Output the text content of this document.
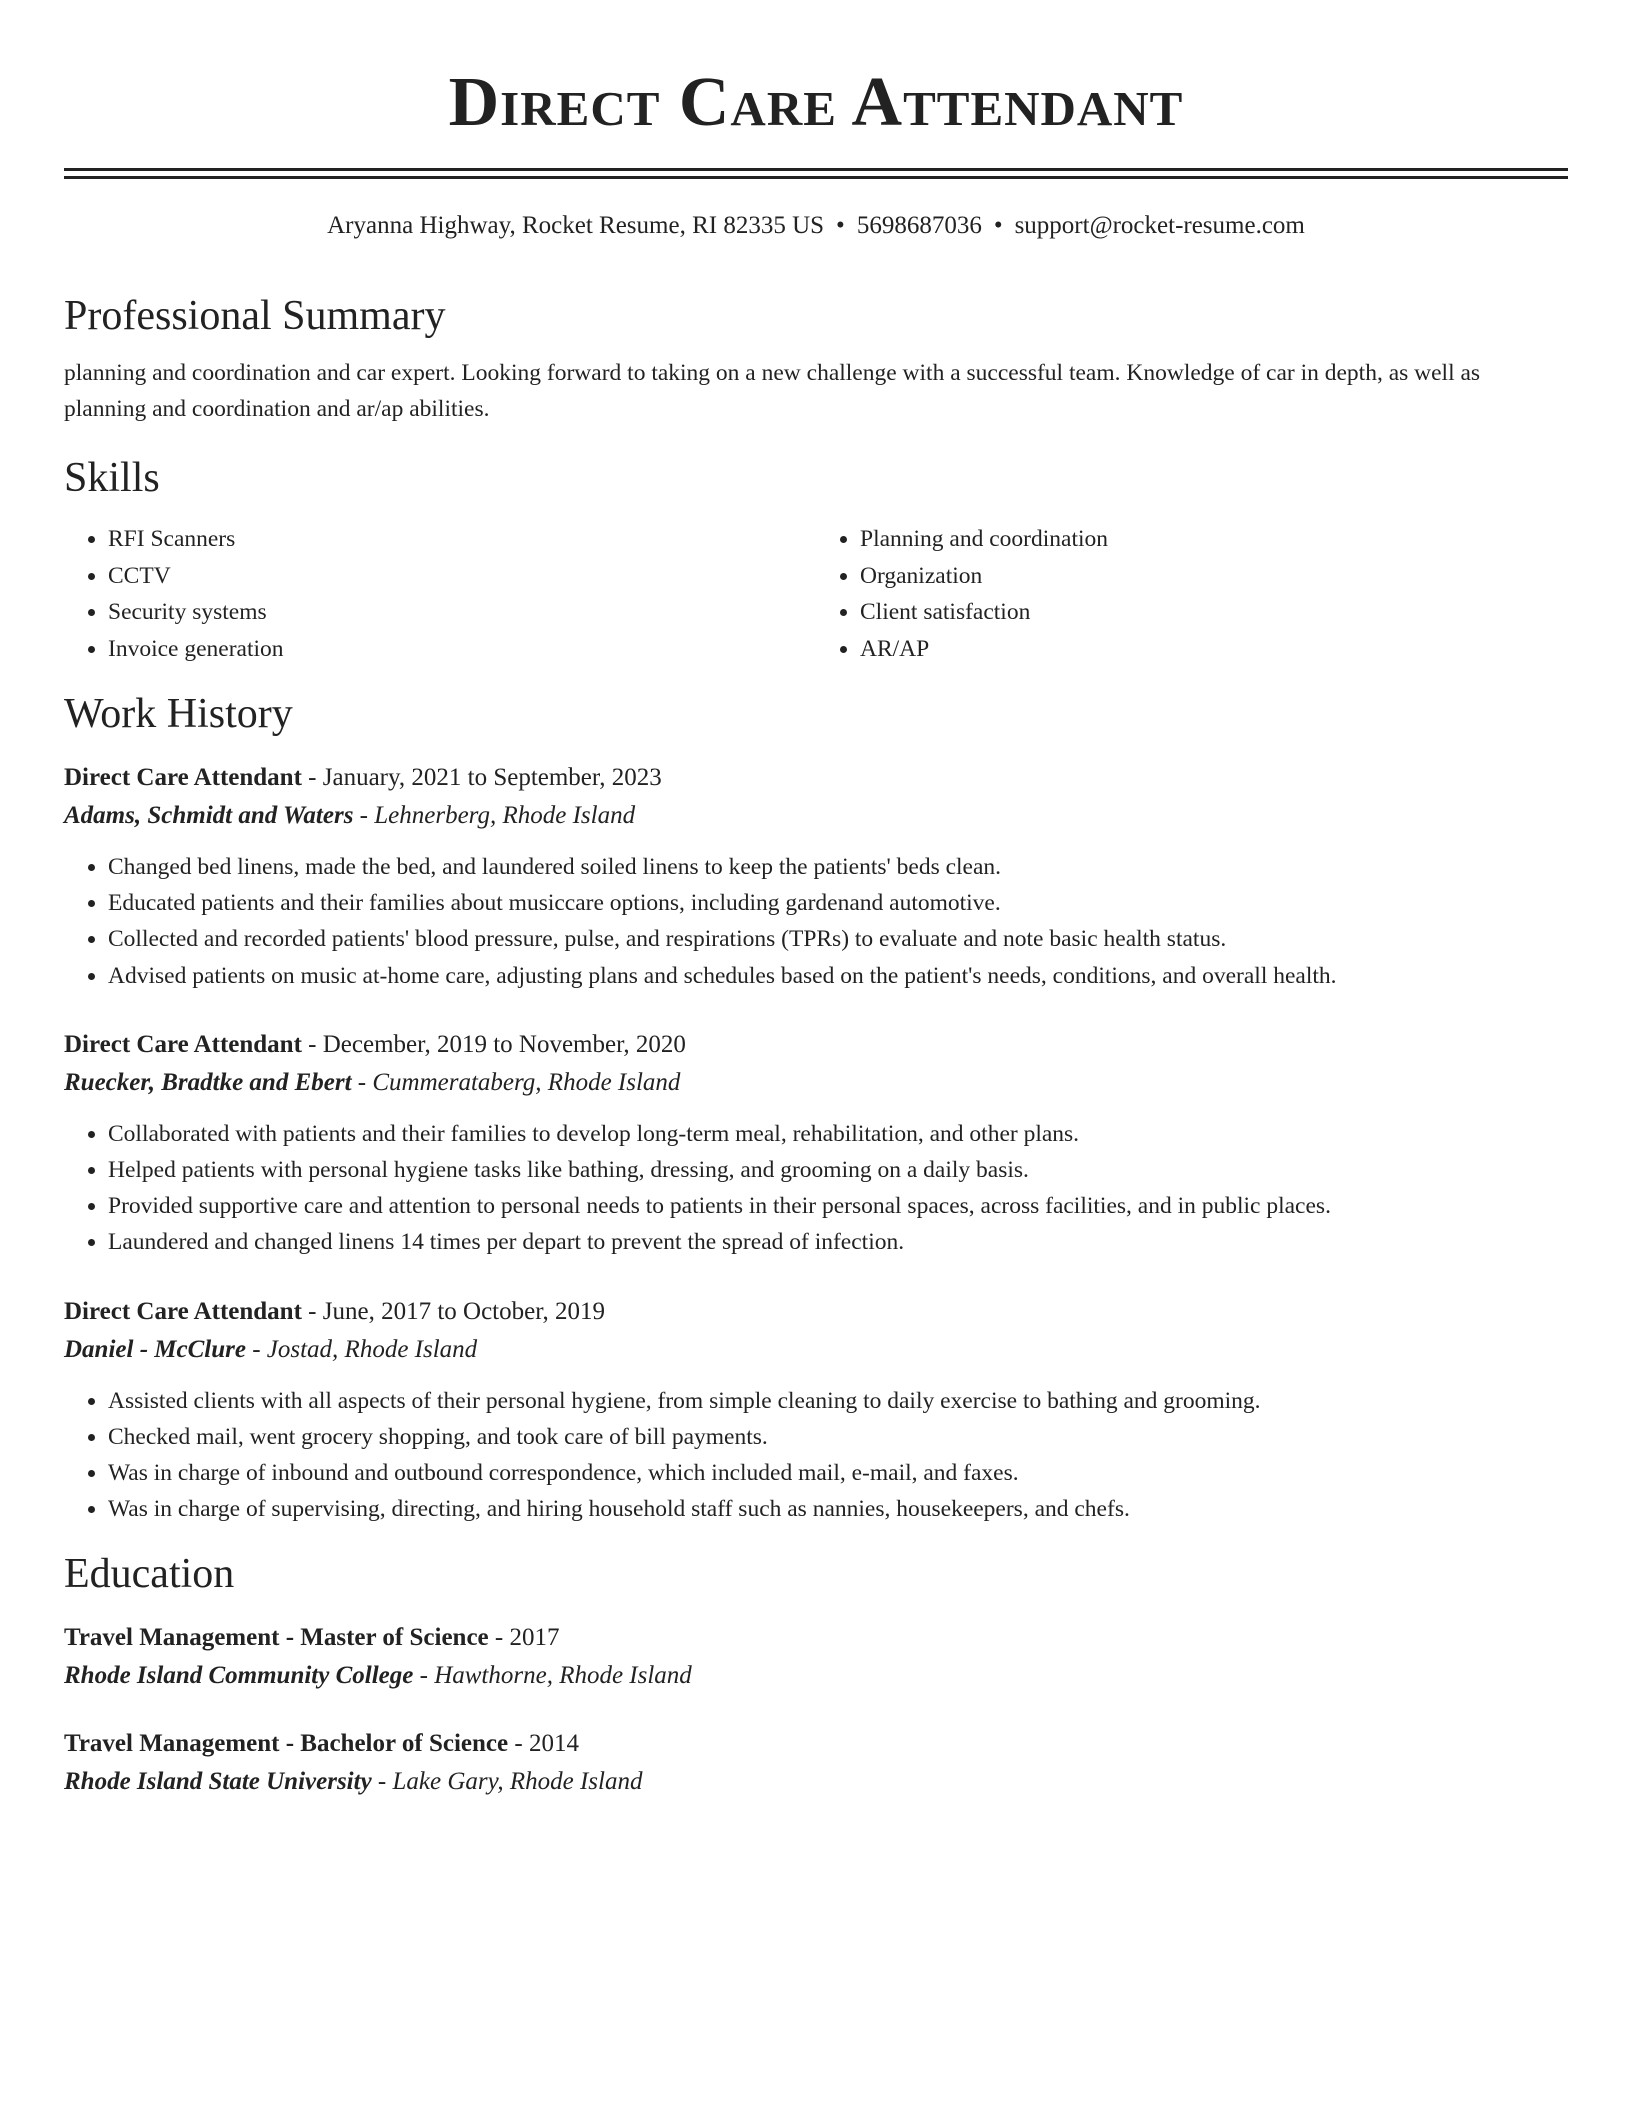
Direct Care Attendant
Aryanna Highway, Rocket Resume, RI 82335 US • 5698687036 • support@rocket-resume.com
Professional Summary

planning and coordination and car expert. Looking forward to taking on a new challenge with a successful team. Knowledge of car in depth, as well as planning and coordination and ar/ap abilities.

Skills
• RFI Scanners
• CCTV
• Security systems
• Invoice generation
• Planning and coordination
• Organization
• Client satisfaction
• AR/AP
Work History
Direct Care Attendant - January, 2021 to September, 2023
Adams, Schmidt and Waters - Lehnerberg, Rhode Island
• Changed bed linens, made the bed, and laundered soiled linens to keep the patients' beds clean.
• Educated patients and their families about musiccare options, including gardenand automotive.
• Collected and recorded patients' blood pressure, pulse, and respirations (TPRs) to evaluate and note basic health status.
• Advised patients on music at-home care, adjusting plans and schedules based on the patient's needs, conditions, and overall health.
Direct Care Attendant - December, 2019 to November, 2020
Ruecker, Bradtke and Ebert - Cummerataberg, Rhode Island
• Collaborated with patients and their families to develop long-term meal, rehabilitation, and other plans.
• Helped patients with personal hygiene tasks like bathing, dressing, and grooming on a daily basis.
• Provided supportive care and attention to personal needs to patients in their personal spaces, across facilities, and in public places.
• Laundered and changed linens 14 times per depart to prevent the spread of infection.
Direct Care Attendant - June, 2017 to October, 2019
Daniel - McClure - Jostad, Rhode Island
• Assisted clients with all aspects of their personal hygiene, from simple cleaning to daily exercise to bathing and grooming.
• Checked mail, went grocery shopping, and took care of bill payments.
• Was in charge of inbound and outbound correspondence, which included mail, e-mail, and faxes.
• Was in charge of supervising, directing, and hiring household staff such as nannies, housekeepers, and chefs.
Education
Travel Management - Master of Science - 2017
Rhode Island Community College - Hawthorne, Rhode Island
Travel Management - Bachelor of Science - 2014
Rhode Island State University - Lake Gary, Rhode Island
